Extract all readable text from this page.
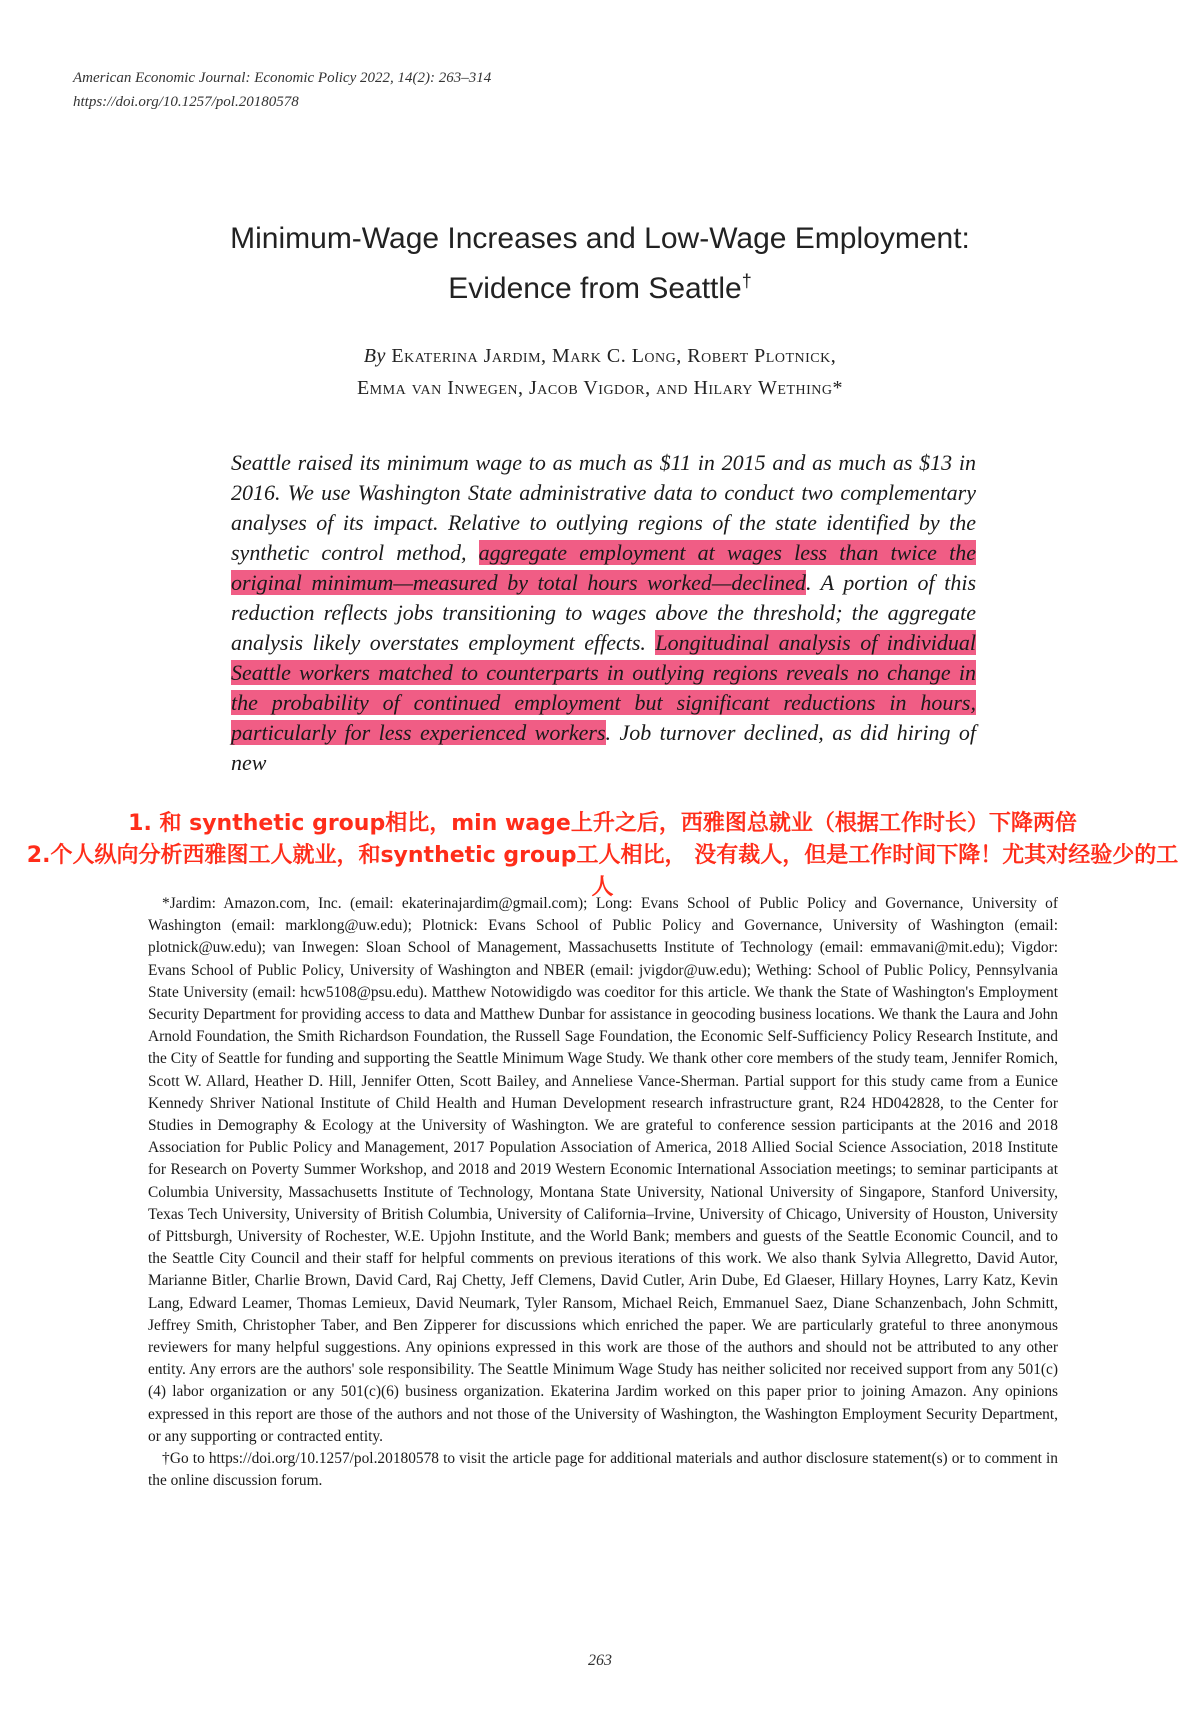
American Economic Journal: Economic Policy 2022, 14(2): 263–314
https://doi.org/10.1257/pol.20180578
Minimum-Wage Increases and Low-Wage Employment:
Evidence from Seattle†
By Ekaterina Jardim, Mark C. Long, Robert Plotnick,
Emma van Inwegen, Jacob Vigdor, and Hilary Wething*
Seattle raised its minimum wage to as much as $11 in 2015 and as much as $13 in 2016. We use Washington State administrative data to conduct two complementary analyses of its impact. Relative to outlying regions of the state identified by the synthetic control method, aggregate employment at wages less than twice the original minimum—measured by total hours worked—declined. A portion of this reduction reflects jobs transitioning to wages above the threshold; the aggregate analysis likely overstates employment effects. Longitudinal analysis of individual Seattle workers matched to counterparts in outlying regions reveals no change in the probability of continued employment but significant reductions in hours, particularly for less experienced workers. Job turnover declined, as did hiring of new
1. 和 synthetic group相比，min wage上升之后，西雅图总就业（根据工作时长）下降两倍
2.个人纵向分析西雅图工人就业，和synthetic group工人相比， 没有裁人，但是工作时间下降！尤其对经验少的工人

*Jardim: Amazon.com, Inc. (email: ekaterinajardim@gmail.com); Long: Evans School of Public Policy and Governance, University of Washington (email: marklong@uw.edu); Plotnick: Evans School of Public Policy and Governance, University of Washington (email: plotnick@uw.edu); van Inwegen: Sloan School of Management, Massachusetts Institute of Technology (email: emmavani@mit.edu); Vigdor: Evans School of Public Policy, University of Washington and NBER (email: jvigdor@uw.edu); Wething: School of Public Policy, Pennsylvania State University (email: hcw5108@psu.edu). Matthew Notowidigdo was coeditor for this article. We thank the State of Washington's Employment Security Department for providing access to data and Matthew Dunbar for assistance in geocoding business locations. We thank the Laura and John Arnold Foundation, the Smith Richardson Foundation, the Russell Sage Foundation, the Economic Self-Sufficiency Policy Research Institute, and the City of Seattle for funding and supporting the Seattle Minimum Wage Study. We thank other core members of the study team, Jennifer Romich, Scott W. Allard, Heather D. Hill, Jennifer Otten, Scott Bailey, and Anneliese Vance-Sherman. Partial support for this study came from a Eunice Kennedy Shriver National Institute of Child Health and Human Development research infrastructure grant, R24 HD042828, to the Center for Studies in Demography & Ecology at the University of Washington. We are grateful to conference session participants at the 2016 and 2018 Association for Public Policy and Management, 2017 Population Association of America, 2018 Allied Social Science Association, 2018 Institute for Research on Poverty Summer Workshop, and 2018 and 2019 Western Economic International Association meetings; to seminar participants at Columbia University, Massachusetts Institute of Technology, Montana State University, National University of Singapore, Stanford University, Texas Tech University, University of British Columbia, University of California–Irvine, University of Chicago, University of Houston, University of Pittsburgh, University of Rochester, W.E. Upjohn Institute, and the World Bank; members and guests of the Seattle Economic Council, and to the Seattle City Council and their staff for helpful comments on previous iterations of this work. We also thank Sylvia Allegretto, David Autor, Marianne Bitler, Charlie Brown, David Card, Raj Chetty, Jeff Clemens, David Cutler, Arin Dube, Ed Glaeser, Hillary Hoynes, Larry Katz, Kevin Lang, Edward Leamer, Thomas Lemieux, David Neumark, Tyler Ransom, Michael Reich, Emmanuel Saez, Diane Schanzenbach, John Schmitt, Jeffrey Smith, Christopher Taber, and Ben Zipperer for discussions which enriched the paper. We are particularly grateful to three anonymous reviewers for many helpful suggestions. Any opinions expressed in this work are those of the authors and should not be attributed to any other entity. Any errors are the authors' sole responsibility. The Seattle Minimum Wage Study has neither solicited nor received support from any 501(c)(4) labor organization or any 501(c)(6) business organization. Ekaterina Jardim worked on this paper prior to joining Amazon. Any opinions expressed in this report are those of the authors and not those of the University of Washington, the Washington Employment Security Department, or any supporting or contracted entity.

†Go to https://doi.org/10.1257/pol.20180578 to visit the article page for additional materials and author disclosure statement(s) or to comment in the online discussion forum.

263
